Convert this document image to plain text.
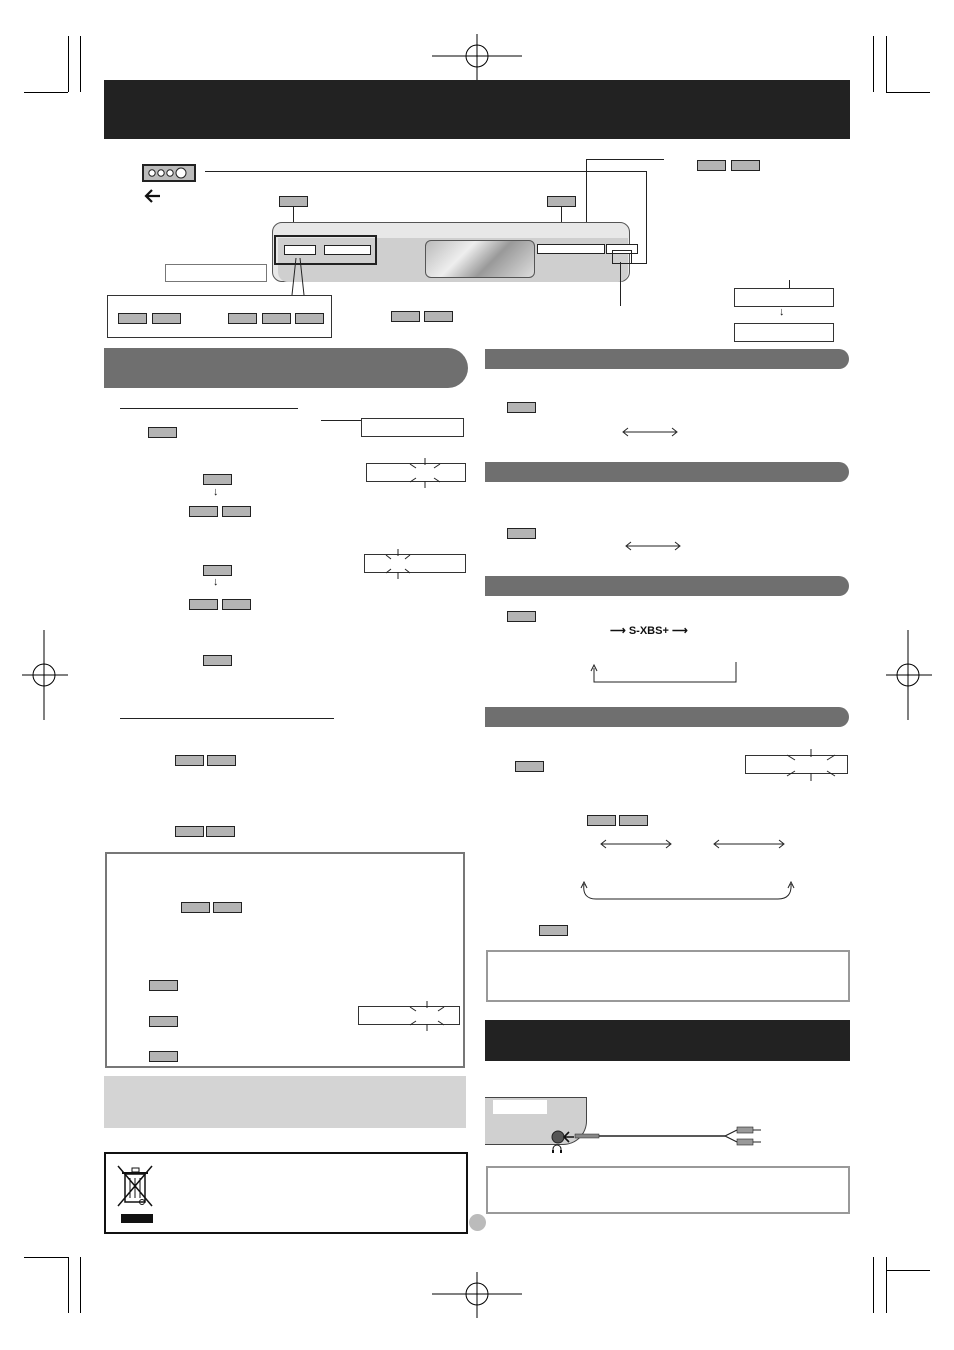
↓
↓
↓
⟶ S-XBS+ ⟶
